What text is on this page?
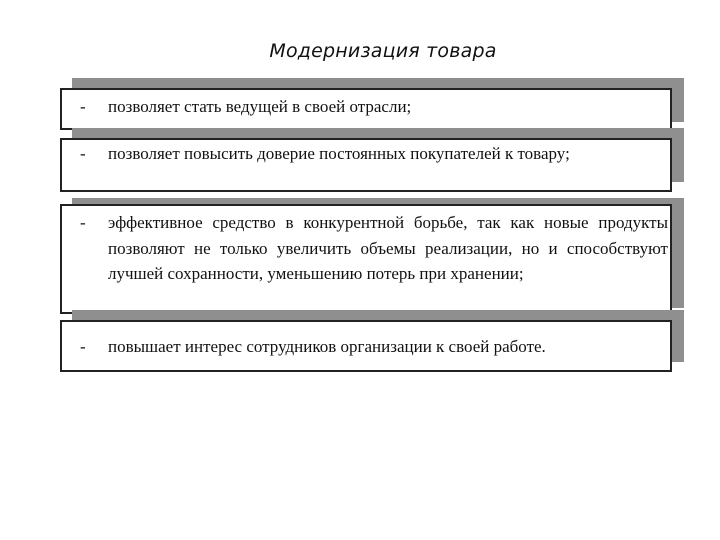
Модернизация товара
- позволяет стать ведущей в своей отрасли;
- позволяет повысить доверие постоянных покупателей к товару;
- эффективное средство в конкурентной борьбе, так как новые продукты позволяют не только увеличить объемы реализации, но и способствуют лучшей сохранности, уменьшению потерь при хранении;
- повышает интерес сотрудников организации к своей работе.
